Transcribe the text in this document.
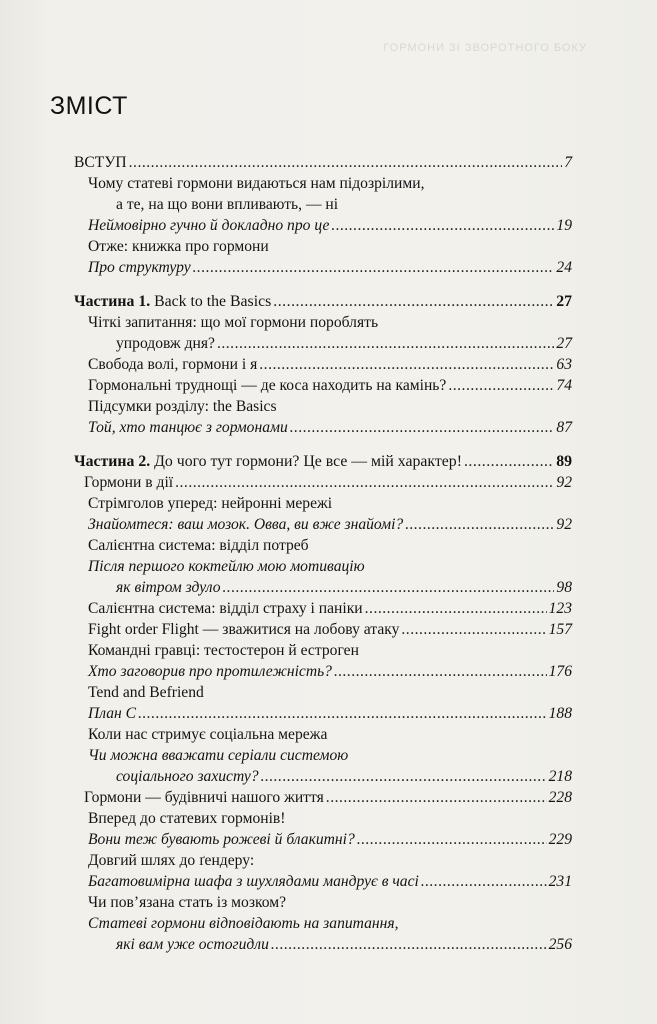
ГОРМОНИ ЗІ ЗВОРОТНОГО БОКУ
ЗМІСТ
ВСТУП .....	7
Чому статеві гормони видаються нам підозрілими,
а те, на що вони впливають, — ні
Неймовірно гучно й докладно про це .....	19
Отже: книжка про гормони
Про структуру .....	24
Частина 1. Back to the Basics .....	27
Чіткі запитання: що мої гормони пороблять
упродовж дня? .....	27
Свобода волі, гормони і я .....	63
Гормональні труднощі — де коса находить на камінь? .....	74
Підсумки розділу: the Basics
Той, хто танцює з гормонами .....	87
Частина 2. До чого тут гормони? Це все — мій характер! .....	89
Гормони в дії .....	92
Стрімголов уперед: нейронні мережі
Знайомтеся: ваш мозок. Овва, ви вже знайомі? .....	92
Салієнтна система: відділ потреб
Після першого коктейлю мою мотивацію
як вітром здуло .....	98
Салієнтна система: відділ страху і паніки .....	123
Fight order Flight — зважитися на лобову атаку .....	157
Командні гравці: тестостерон й естроген
Хто заговорив про протилежність? .....	176
Tend and Befriend
План С .....	188
Коли нас стримує соціальна мережа
Чи можна вважати серіали системою
соціального захисту? .....	218
Гормони — будівничі нашого життя .....	228
Вперед до статевих гормонів!
Вони теж бувають рожеві й блакитні? .....	229
Довгий шлях до ґендеру:
Багатовимірна шафа з шухлядами мандрує в часі .....	231
Чи пов’язана стать із мозком?
Статеві гормони відповідають на запитання,
які вам уже остогидли .....	256
